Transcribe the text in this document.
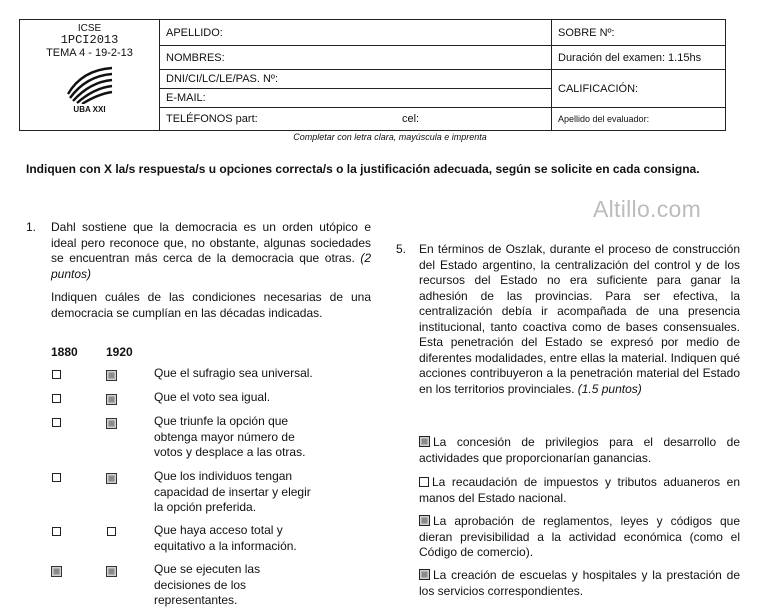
ICSE
1PCI2013
TEMA 4 - 19-2-13
UBA XXI
APELLIDO:
NOMBRES:
DNI/CI/LC/LE/PAS. Nº:
E-MAIL:
TELÉFONOS part:	cel:
SOBRE Nº:
Duración del examen: 1.15hs
CALIFICACIÓN:
Apellido del evaluador:
Completar con letra clara, mayúscula e imprenta
Indiquen con X la/s respuesta/s u opciones correcta/s o la justificación adecuada, según se solicite en cada consigna.
Altillo.com
1. Dahl sostiene que la democracia es un orden utópico e ideal pero reconoce que, no obstante, algunas sociedades se encuentran más cerca de la democracia que otras. (2 puntos)
Indiquen cuáles de las condiciones necesarias de una democracia se cumplían en las décadas indicadas.
1880 1920
Que el sufragio sea universal.
Que el voto sea igual.
Que triunfe la opción que
obtenga mayor número de
votos y desplace a las otras.
Que los individuos tengan
capacidad de insertar y elegir
la opción preferida.
Que haya acceso total y
equitativo a la información.
Que se ejecuten las
decisiones de los
representantes.
5. En términos de Oszlak, durante el proceso de construcción del Estado argentino, la centralización del control y de los recursos del Estado no era suficiente para ganar la adhesión de las provincias. Para ser efectiva, la centralización debía ir acompañada de una presencia institucional, tanto coactiva como de bases consensuales. Esta penetración del Estado se expresó por medio de diferentes modalidades, entre ellas la material. Indiquen qué acciones contribuyeron a la penetración material del Estado en los territorios provinciales. (1.5 puntos)
La concesión de privilegios para el desarrollo de actividades que proporcionarían ganancias.
La recaudación de impuestos y tributos aduaneros en manos del Estado nacional.
La aprobación de reglamentos, leyes y códigos que dieran previsibilidad a la actividad económica (como el Código de comercio).
La creación de escuelas y hospitales y la prestación de los servicios correspondientes.
